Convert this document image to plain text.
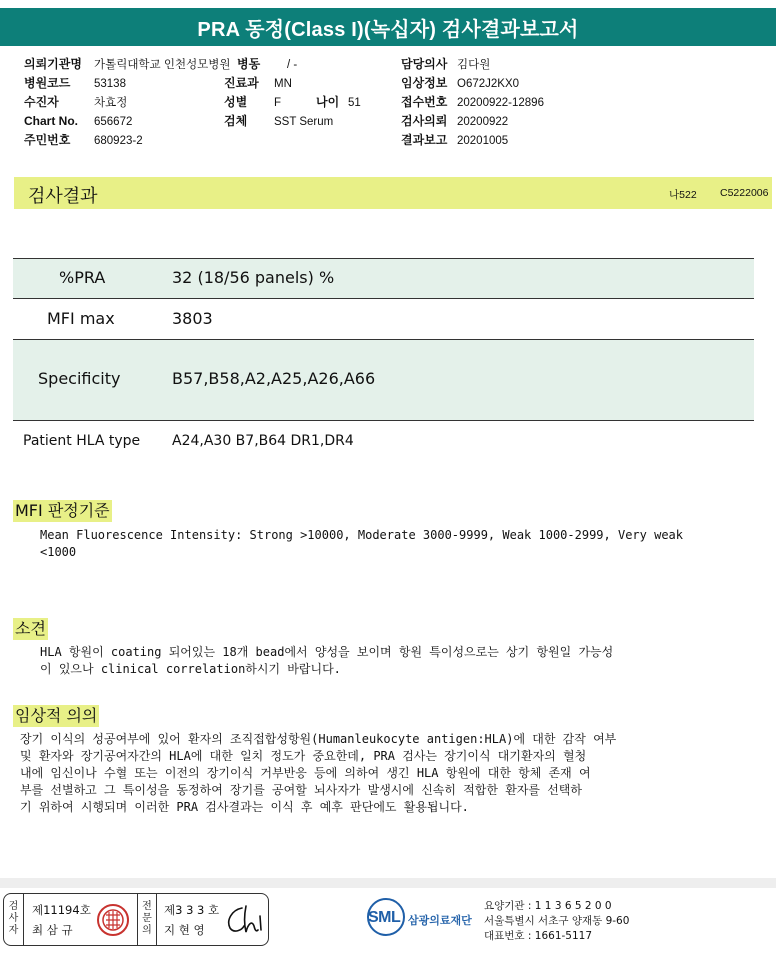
PRA 동정(Class I)(녹십자) 검사결과보고서
의뢰기관명 가톨릭대학교 인천성모병원
병원코드 53138
수진자	차효정
Chart No. 656672
주민번호 680923-2
병동 / -
진료과 MN
성별 F	나이 51
검체 SST Serum
담당의사 김다원
임상정보 O672J2KX0
접수번호 20200922-12896
검사의뢰 20200922
결과보고 20201005
검사결과	나522 C5222006
%PRA	32 (18/56 panels) %
MFI max	3803
Specificity	B57,B58,A2,A25,A26,A66
Patient HLA type A24,A30 B7,B64 DR1,DR4
MFI 판정기준
Mean Fluorescence Intensity: Strong >10000, Moderate 3000-9999, Weak 1000-2999, Very weak
<1000
소견
HLA 항원이 coating 되어있는 18개 bead에서 양성을 보이며 항원 특이성으로는 상기 항원일 가능성
이 있으나 clinical correlation하시기 바랍니다.
임상적 의의
장기 이식의 성공여부에 있어 환자의 조직접합성항원(Humanleukocyte antigen:HLA)에 대한 감작 여부
및 환자와 장기공여자간의 HLA에 대한 일치 정도가 중요한데, PRA 검사는 장기이식 대기환자의 혈청
내에 임신이나 수혈 또는 이전의 장기이식 거부반응 등에 의하여 생긴 HLA 항원에 대한 항체 존재 여
부를 선별하고 그 특이성을 동정하여 장기를 공여할 뇌사자가 발생시에 신속히 적합한 환자를 선택하
기 위하여 시행되며 이러한 PRA 검사결과는 이식 후 예후 판단에도 활용됩니다.
검
사
자
제11194호
최 삼 규
전
문
의
제3 3 3 호
지 현 영
SML 삼광의료재단
요양기관 : 1 1 3 6 5 2 0 0
서울특별시 서초구 양재동 9-60
대표번호 : 1661-5117
